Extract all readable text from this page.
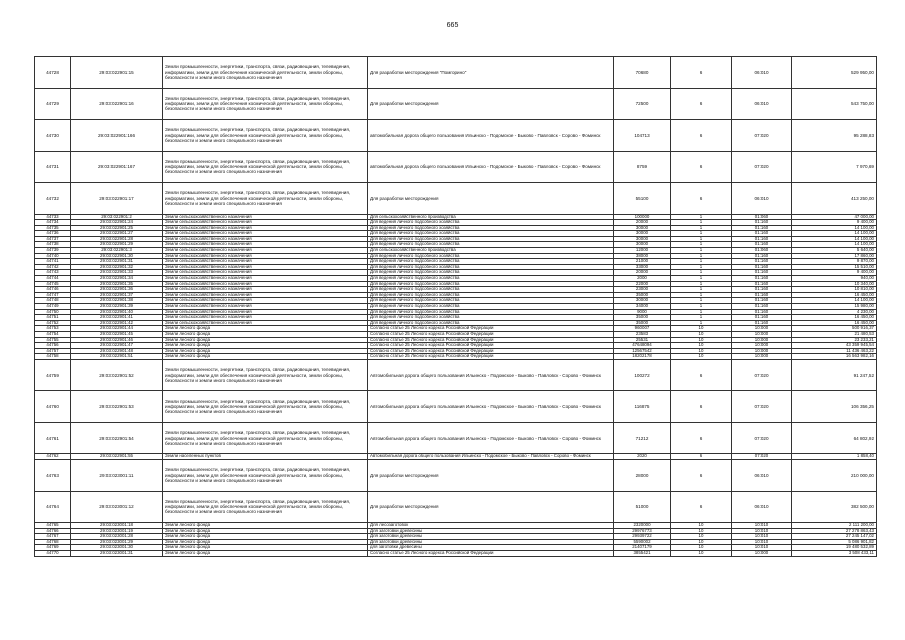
665
44728	29:03:022901:15	Земли промышленности, энергетики, транспорта, связи, радиовещания, телевидения, информатики, земли для обеспечения космической деятельности, земли обороны, безопасности и земли иного специального назначения	Для разработки месторождения "Помгорино"	70680	6	06:010	529 950,00
44729	29:03:022901:16	Земли промышленности, энергетики, транспорта, связи, радиовещания, телевидения, информатики, земли для обеспечения космической деятельности, земли обороны, безопасности и земли иного специального назначения	Для разработки месторождения	72500	6	06:010	543 750,00
44730	29:03:022901:166	Земли промышленности, энергетики, транспорта, связи, радиовещания, телевидения, информатики, земли для обеспечения космической деятельности, земли обороны, безопасности и земли иного специального назначения	автомобильная дорога общего пользования Ильинско - Подомское - Быково - Павловск - Сорово - Фоминск	104713	6	07:020	95 288,83
44731	29:03:022901:167	Земли промышленности, энергетики, транспорта, связи, радиовещания, телевидения, информатики, земли для обеспечения космической деятельности, земли обороны, безопасности и земли иного специального назначения	автомобильная дорога общего пользования Ильинско - Подомское - Быково - Павловск - Сорово - Фоминск	8759	6	07:020	7 970,69
44732	29:03:022901:17	Земли промышленности, энергетики, транспорта, связи, радиовещания, телевидения, информатики, земли для обеспечения космической деятельности, земли обороны, безопасности и земли иного специального назначения	Для разработки месторождения	55100	6	06:010	413 250,00
44733	29:03:022901:2	Земли сельскохозяйственного назначения	Для сельскохозяйственного производства	100000	1	01:060	47 000,00
44734	29:03:022901:24	Земли сельскохозяйственного назначения	Для ведения личного подсобного хозяйства	20000	1	01:160	9 400,00
44735	29:03:022901:25	Земли сельскохозяйственного назначения	Для ведения личного подсобного хозяйства	30000	1	01:160	14 100,00
44736	29:03:022901:27	Земли сельскохозяйственного назначения	Для ведения личного подсобного хозяйства	30000	1	01:160	14 100,00
44737	29:03:022901:28	Земли сельскохозяйственного назначения	Для ведения личного подсобного хозяйства	30000	1	01:160	14 100,00
44738	29:03:022901:29	Земли сельскохозяйственного назначения	Для ведения личного подсобного хозяйства	30000	1	01:160	14 100,00
44739	29:03:022901:3	Земли сельскохозяйственного назначения	Для сельскохозяйственного производства	12000	1	01:060	5 640,00
44740	29:03:022901:30	Земли сельскохозяйственного назначения	Для ведения личного подсобного хозяйства	38000	1	01:160	17 860,00
44741	29:03:022901:31	Земли сельскохозяйственного назначения	Для ведения личного подсобного хозяйства	21000	1	01:160	9 870,00
44742	29:03:022901:32	Земли сельскохозяйственного назначения	Для ведения личного подсобного хозяйства	33000	1	01:160	15 510,00
44743	29:03:022901:33	Земли сельскохозяйственного назначения	Для ведения личного подсобного хозяйства	20000	1	01:160	9 400,00
44744	29:03:022901:34	Земли сельскохозяйственного назначения	Для ведения личного подсобного хозяйства	2000	1	01:160	940,00
44745	29:03:022901:35	Земли сельскохозяйственного назначения	Для ведения личного подсобного хозяйства	22000	1	01:160	10 340,00
44746	29:03:022901:36	Земли сельскохозяйственного назначения	Для ведения личного подсобного хозяйства	23000	1	01:160	10 810,00
44747	29:03:022901:37	Земли сельскохозяйственного назначения	Для ведения личного подсобного хозяйства	35000	1	01:160	16 450,00
44748	29:03:022901:38	Земли сельскохозяйственного назначения	Для ведения личного подсобного хозяйства	30000	1	01:160	14 100,00
44749	29:03:022901:39	Земли сельскохозяйственного назначения	Для ведения личного подсобного хозяйства	34000	1	01:160	15 980,00
44750	29:03:022901:40	Земли сельскохозяйственного назначения	Для ведения личного подсобного хозяйства	9000	1	01:160	4 230,00
44751	29:03:022901:41	Земли сельскохозяйственного назначения	Для ведения личного подсобного хозяйства	35000	1	01:160	16 450,00
44752	29:03:022901:42	Земли сельскохозяйственного назначения	Для ведения личного подсобного хозяйства	35000	1	01:160	16 450,00
44753	29:03:022901:44	Земли лесного фонда	Согласно статье 25 Лесного кодекса Российской Федерации	960007	10	10:000	500 916,37
44754	29:03:022901:45	Земли лесного фонда	Согласно статье 25 Лесного кодекса Российской Федерации	23583	10	10:000	21 480,53
44755	29:03:022901:46	Земли лесного фонда	Согласно статье 25 Лесного кодекса Российской Федерации	25531	10	10:000	23 233,21
44756	29:03:022901:47	Земли лесного фонда	Согласно статье 25 Лесного кодекса Российской Федерации	47648094	10	10:000	43 359 945,54
44757	29:03:022901:48	Земли лесного фонда	Согласно статье 25 Лесного кодекса Российской Федерации	12567542	10	10:000	11 436 463,22
44758	29:03:022901:51	Земли лесного фонда	Согласно статье 25 Лесного кодекса Российской Федерации	18202178	10	10:000	16 563 982,16
44759	29:03:022901:52	Земли промышленности, энергетики, транспорта, связи, радиовещания, телевидения, информатики, земли для обеспечения космической деятельности, земли обороны, безопасности и земли иного специального назначения	Автомобильная дорога общего пользования Ильинско - Подомское - Быково - Павловск - Сорово - Фоминск	100272	6	07:020	91 247,52
44760	29:03:022901:53	Земли промышленности, энергетики, транспорта, связи, радиовещания, телевидения, информатики, земли для обеспечения космической деятельности, земли обороны, безопасности и земли иного специального назначения	Автомобильная дорога общего пользования Ильинско - Подомское - Быково - Павловск - Сорово - Фоминск	116875	6	07:020	106 356,25
44761	29:03:022901:54	Земли промышленности, энергетики, транспорта, связи, радиовещания, телевидения, информатики, земли для обеспечения космической деятельности, земли обороны, безопасности и земли иного специального назначения	Автомобильная дорога общего пользования Ильинско - Подомское - Быково - Павловск - Сорово - Фоминск	71212	6	07:020	64 802,92
44762	29:03:022901:55	Земли населенных пунктов	Автомобильная дорога общего пользования Ильинско - Подомское - Быково - Павловск - Сорово - Фоминск	2020	6	07:020	1 858,40
44763	29:03:023001:11	Земли промышленности, энергетики, транспорта, связи, радиовещания, телевидения, информатики, земли для обеспечения космической деятельности, земли обороны, безопасности и земли иного специального назначения	Для разработки месторождения	28000	6	06:010	210 000,00
44764	29:03:023001:12	Земли промышленности, энергетики, транспорта, связи, радиовещания, телевидения, информатики, земли для обеспечения космической деятельности, земли обороны, безопасности и земли иного специального назначения	Для разработки месторождения	51000	6	06:010	382 500,00
44765	29:03:023001:18	Земли лесного фонда	Для лесозаготовок	2320000	10	10:010	2 111 200,00
44766	29:03:023001:19	Земли лесного фонда	Для заготовки древесины	29976773	10	10:010	27 278 863,43
44767	29:03:023001:28	Земли лесного фонда	Для заготовки древесины	29939722	10	10:010	27 245 147,02
44768	29:03:023001:29	Земли лесного фонда	Для заготовки древесины	5590002	10	10:010	5 086 901,82
44769	29:03:023001:30	Земли лесного фонда	для заготовки древесины	21407179	10	10:010	19 480 532,89
44770	29:03:023001:31	Земли лесного фонда	Согласно статье 25 Лесного кодекса Российской Федерации	3855421	10	10:000	3 508 433,11
